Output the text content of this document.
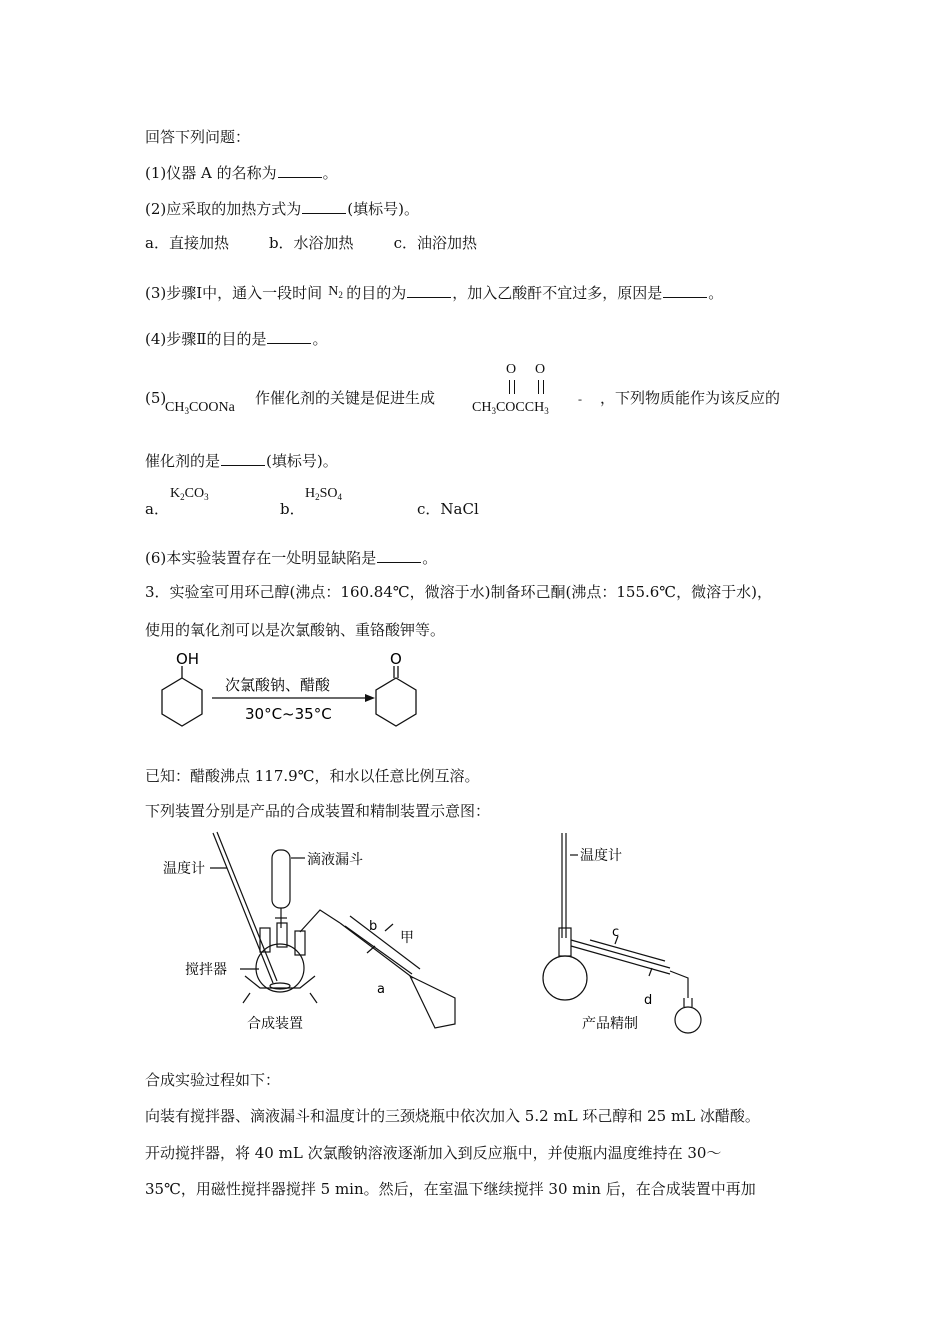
回答下列问题：
(1)仪器 A 的名称为	。
(2)应采取的加热方式为	(填标号)。
a．直接加热	b．水浴加热	c．油浴加热
(3)步骤Ⅰ中，通入一段时间 $N_2$ 的目的为	，加入乙酸酐不宜过多，原因是	。
(4)步骤Ⅱ的目的是	。
(5)
$CH_3COONa$
作催化剂的关键是促进生成
O O
$CH_3COCCH_3$
- ，下列物质能作为该反应的
催化剂的是	(填标号)。
a．
$K_2CO_3$
b．
$H_2SO_4$
c．NaCl
(6)本实验装置存在一处明显缺陷是	。
3．实验室可用环己醇(沸点：160.84℃，微溶于水)制备环己酮(沸点：155.6℃，微溶于水)，
使用的氧化剂可以是次氯酸钠、重铬酸钾等。
OH
次氯酸钠、醋酸
30°C~35°C
O
已知：醋酸沸点 117.9℃，和水以任意比例互溶。
下列装置分别是产品的合成装置和精制装置示意图：
温度计
滴液漏斗
搅拌器
b
甲
a
合成装置
温度计
c
d
产品精制
合成实验过程如下：
向装有搅拌器、滴液漏斗和温度计的三颈烧瓶中依次加入 5.2 mL 环己醇和 25 mL 冰醋酸。
开动搅拌器，将 40 mL 次氯酸钠溶液逐渐加入到反应瓶中，并使瓶内温度维持在 30～
35℃，用磁性搅拌器搅拌 5 min。然后，在室温下继续搅拌 30 min 后，在合成装置中再加
